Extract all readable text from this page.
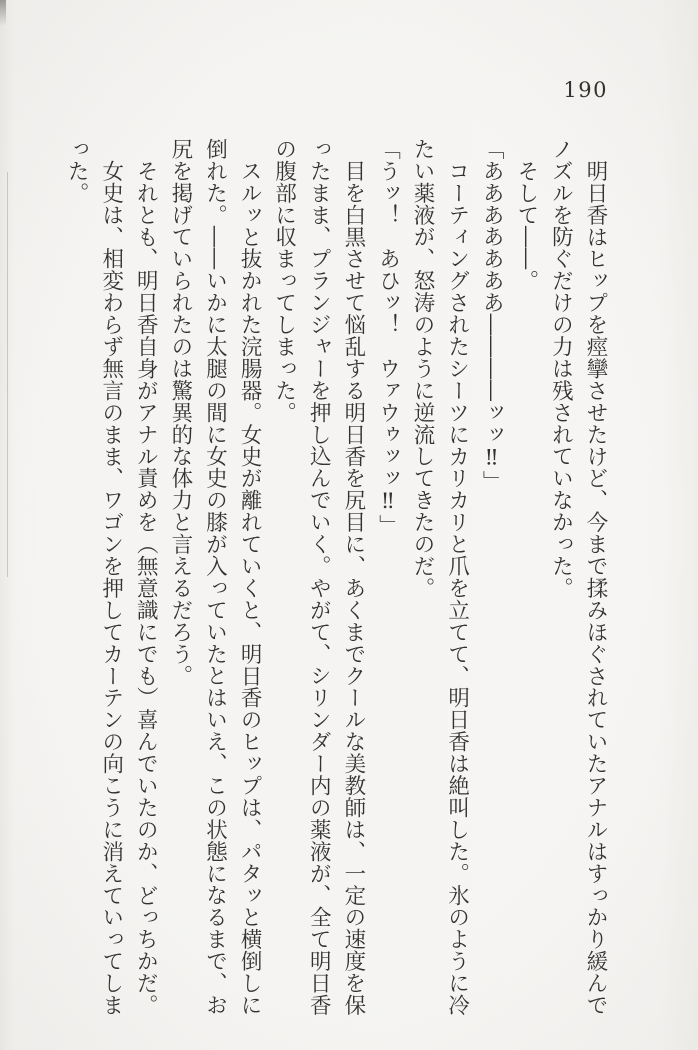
190
明日香はヒップを痙攣させたけど、今まで揉みほぐされていたアナルはすっかり緩んで
ノズルを防ぐだけの力は残されていなかった。
そして――。
「あああああああ――――ッッ‼」
コーティングされたシーツにカリカリと爪を立てて、明日香は絶叫した。氷のように冷
たい薬液が、怒涛のように逆流してきたのだ。
「うッ！　あひッ！　ウァウゥッッ‼」
目を白黒させて悩乱する明日香を尻目に、あくまでクールな美教師は、一定の速度を保
ったまま、プランジャーを押し込んでいく。やがて、シリンダー内の薬液が、全て明日香
の腹部に収まってしまった。
スルッと抜かれた浣腸器。女史が離れていくと、明日香のヒップは、パタッと横倒しに
倒れた。――いかに太腿の間に女史の膝が入っていたとはいえ、この状態になるまで、お
尻を掲げていられたのは驚異的な体力と言えるだろう。
それとも、明日香自身がアナル責めを（無意識にでも）喜んでいたのか、どっちかだ。
女史は、相変わらず無言のまま、ワゴンを押してカーテンの向こうに消えていってしま
った。
